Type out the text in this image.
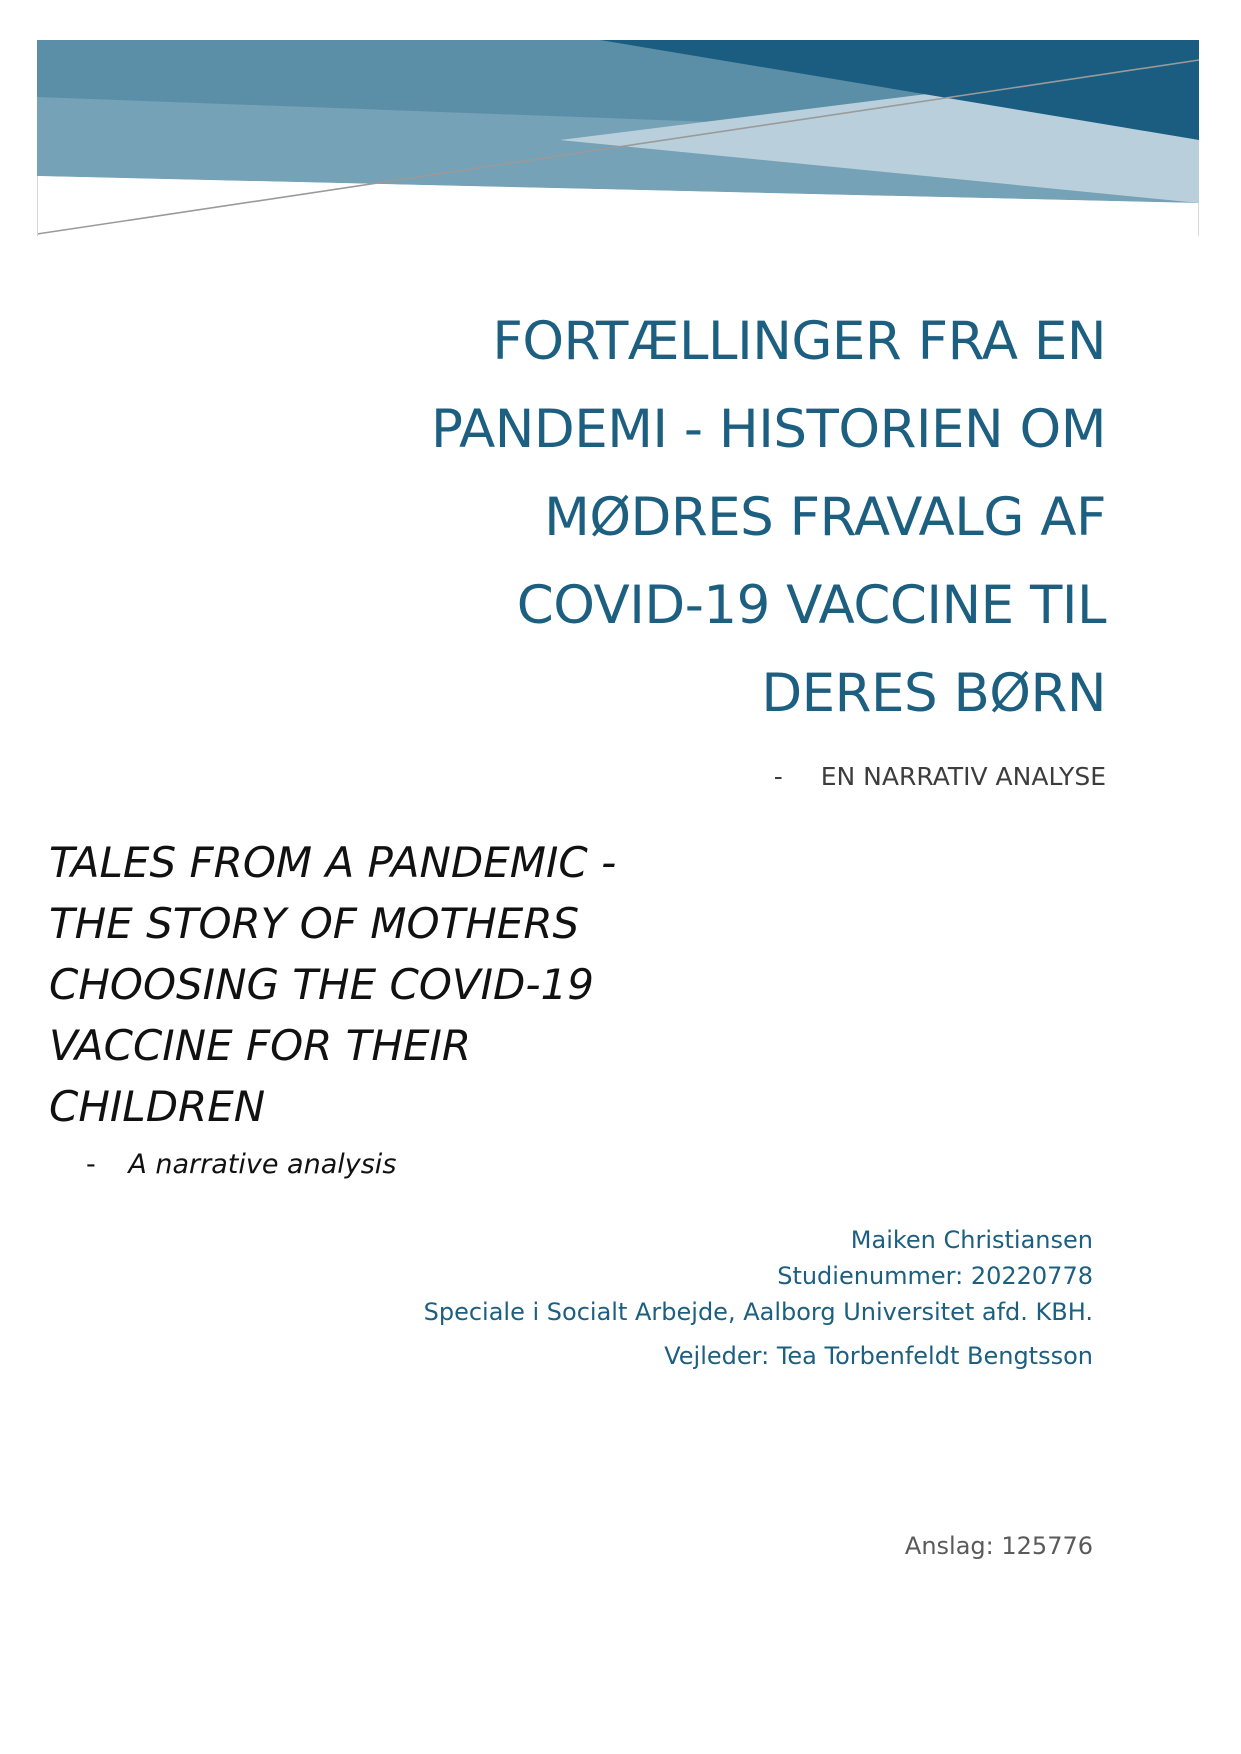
FORTÆLLINGER FRA EN
PANDEMI - HISTORIEN OM
MØDRES FRAVALG AF
COVID-19 VACCINE TIL
DERES BØRN
- EN NARRATIV ANALYSE
TALES FROM A PANDEMIC -
THE STORY OF MOTHERS
CHOOSING THE COVID-19
VACCINE FOR THEIR
CHILDREN
- A narrative analysis
Maiken Christiansen
Studienummer: 20220778
Speciale i Socialt Arbejde, Aalborg Universitet afd. KBH.
Vejleder: Tea Torbenfeldt Bengtsson
Anslag: 125776
